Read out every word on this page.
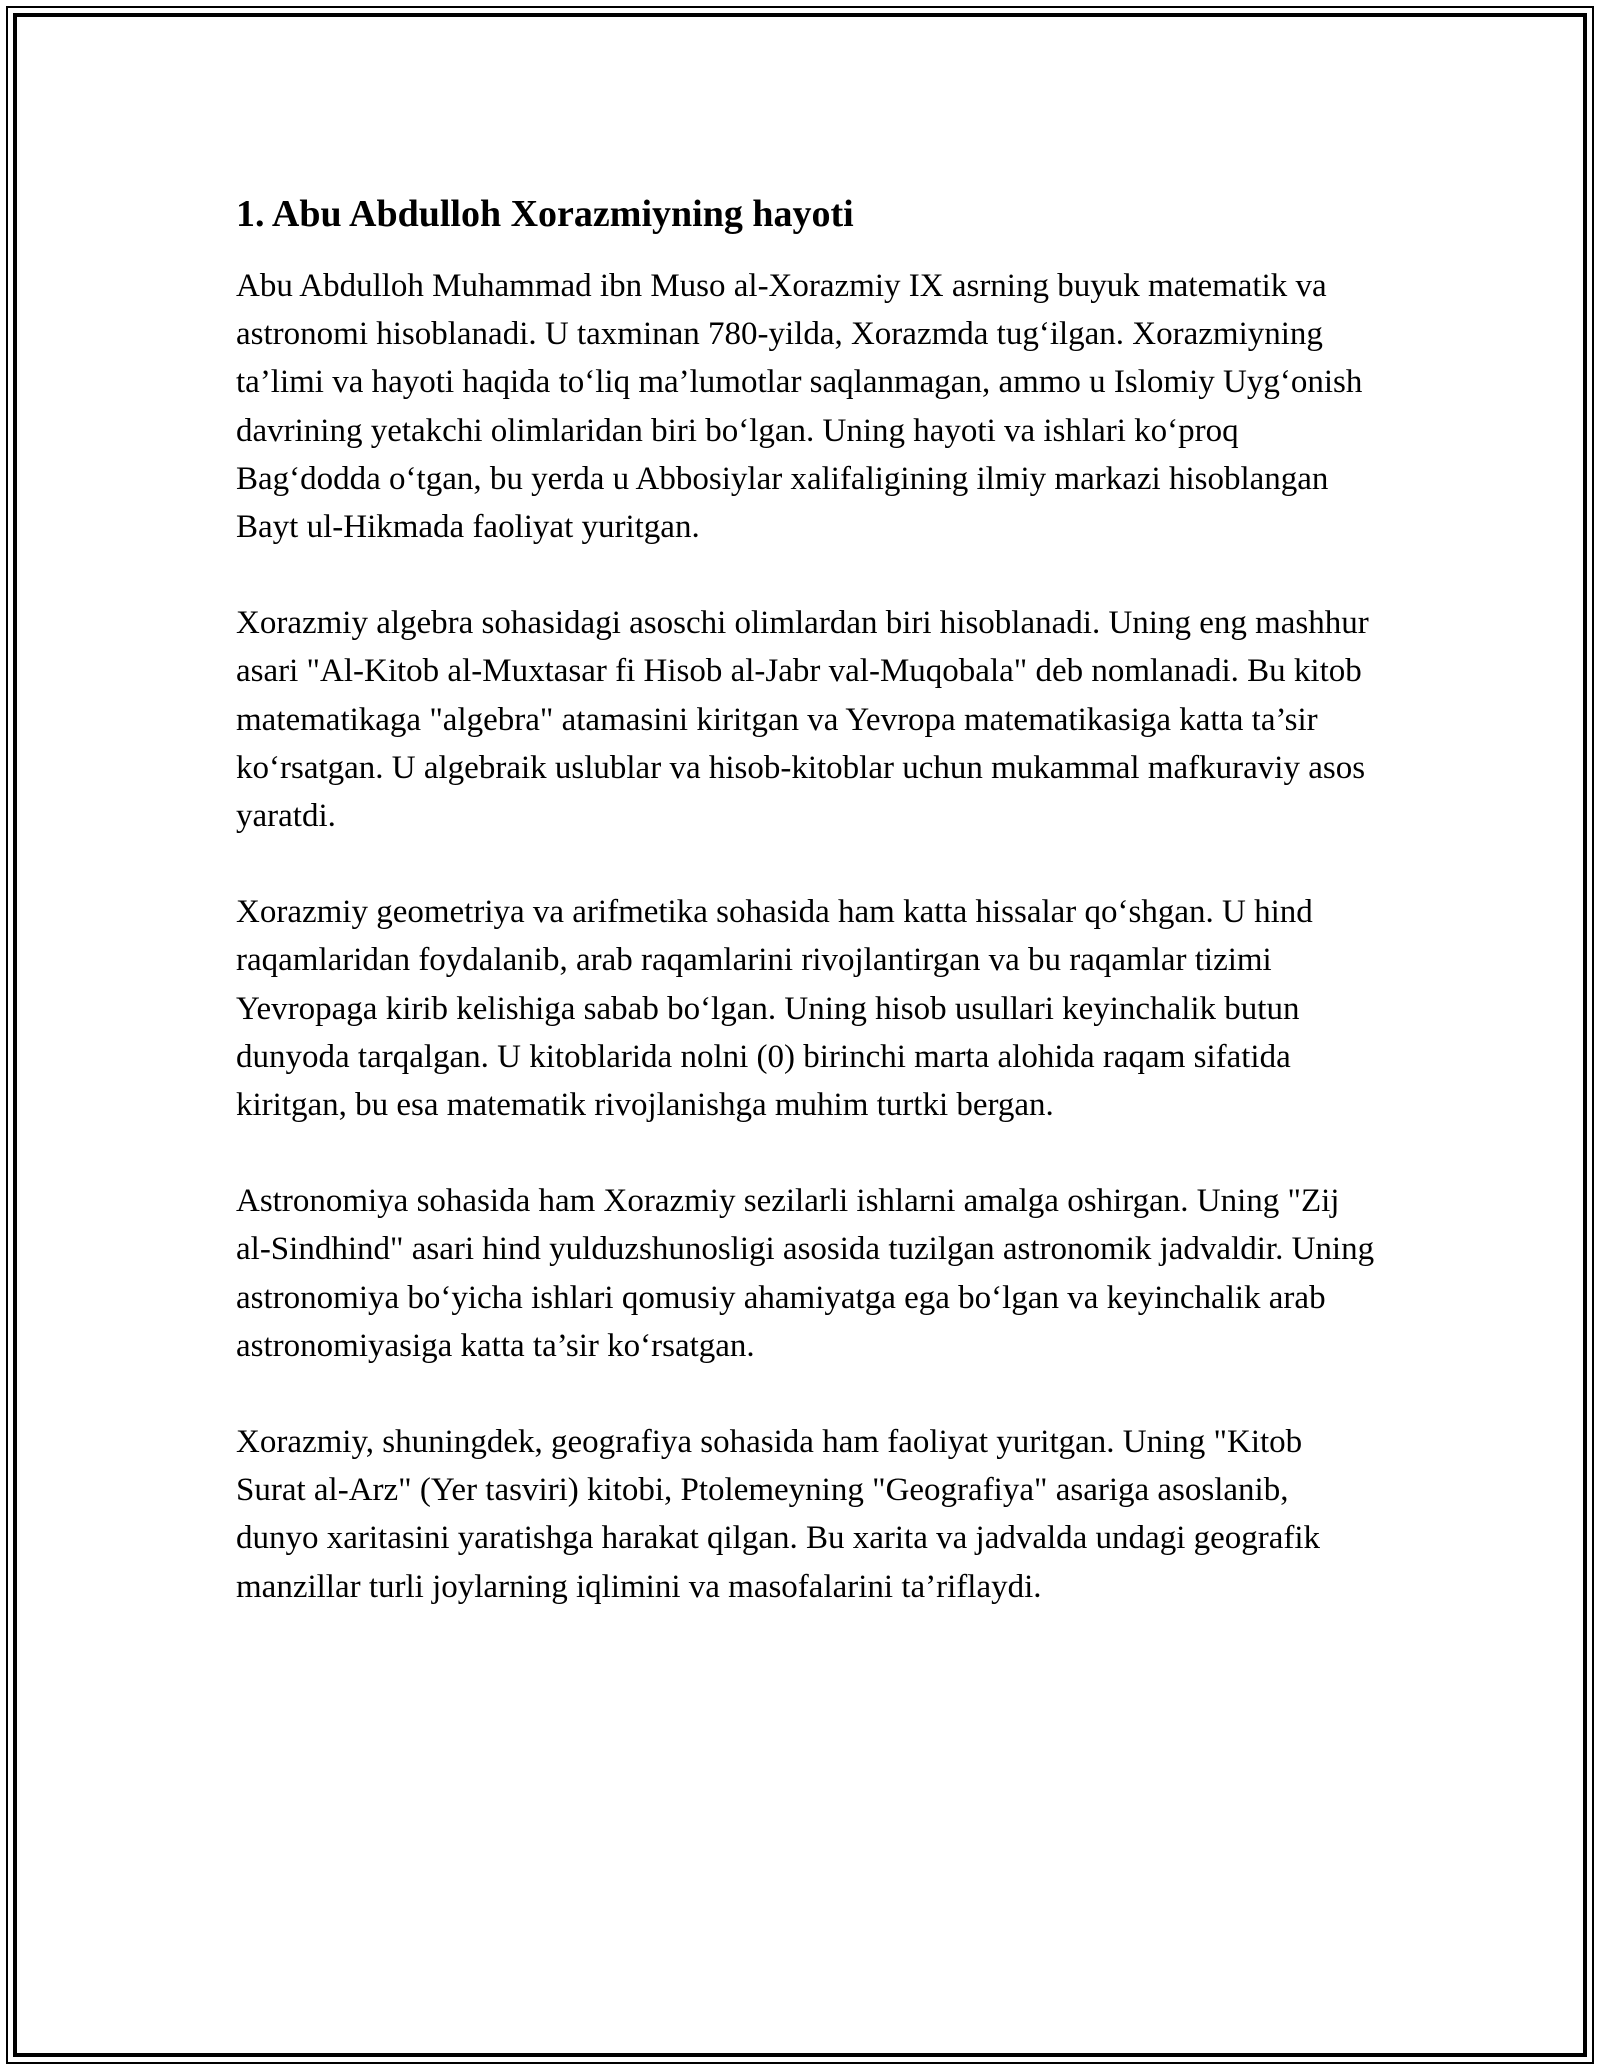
1. Abu Abdulloh Xorazmiyning hayoti

Abu Abdulloh Muhammad ibn Muso al-Xorazmiy IX asrning buyuk matematik va astronomi hisoblanadi. U taxminan 780-yilda, Xorazmda tug‘ilgan. Xorazmiyning ta’limi va hayoti haqida to‘liq ma’lumotlar saqlanmagan, ammo u Islomiy Uyg‘onish davrining yetakchi olimlaridan biri bo‘lgan. Uning hayoti va ishlari ko‘proq Bag‘dodda o‘tgan, bu yerda u Abbosiylar xalifaligining ilmiy markazi hisoblangan Bayt ul-Hikmada faoliyat yuritgan.

Xorazmiy algebra sohasidagi asoschi olimlardan biri hisoblanadi. Uning eng mashhur asari "Al-Kitob al-Muxtasar fi Hisob al-Jabr val-Muqobala" deb nomlanadi. Bu kitob matematikaga "algebra" atamasini kiritgan va Yevropa matematikasiga katta ta’sir ko‘rsatgan. U algebraik uslublar va hisob-kitoblar uchun mukammal mafkuraviy asos yaratdi.

Xorazmiy geometriya va arifmetika sohasida ham katta hissalar qo‘shgan. U hind raqamlaridan foydalanib, arab raqamlarini rivojlantirgan va bu raqamlar tizimi Yevropaga kirib kelishiga sabab bo‘lgan. Uning hisob usullari keyinchalik butun dunyoda tarqalgan. U kitoblarida nolni (0) birinchi marta alohida raqam sifatida kiritgan, bu esa matematik rivojlanishga muhim turtki bergan.

Astronomiya sohasida ham Xorazmiy sezilarli ishlarni amalga oshirgan. Uning "Zij al-Sindhind" asari hind yulduzshunosligi asosida tuzilgan astronomik jadvaldir. Uning astronomiya bo‘yicha ishlari qomusiy ahamiyatga ega bo‘lgan va keyinchalik arab astronomiyasiga katta ta’sir ko‘rsatgan.

Xorazmiy, shuningdek, geografiya sohasida ham faoliyat yuritgan. Uning "Kitob Surat al-Arz" (Yer tasviri) kitobi, Ptolemeyning "Geografiya" asariga asoslanib, dunyo xaritasini yaratishga harakat qilgan. Bu xarita va jadvalda undagi geografik manzillar turli joylarning iqlimini va masofalarini ta’riflaydi.
